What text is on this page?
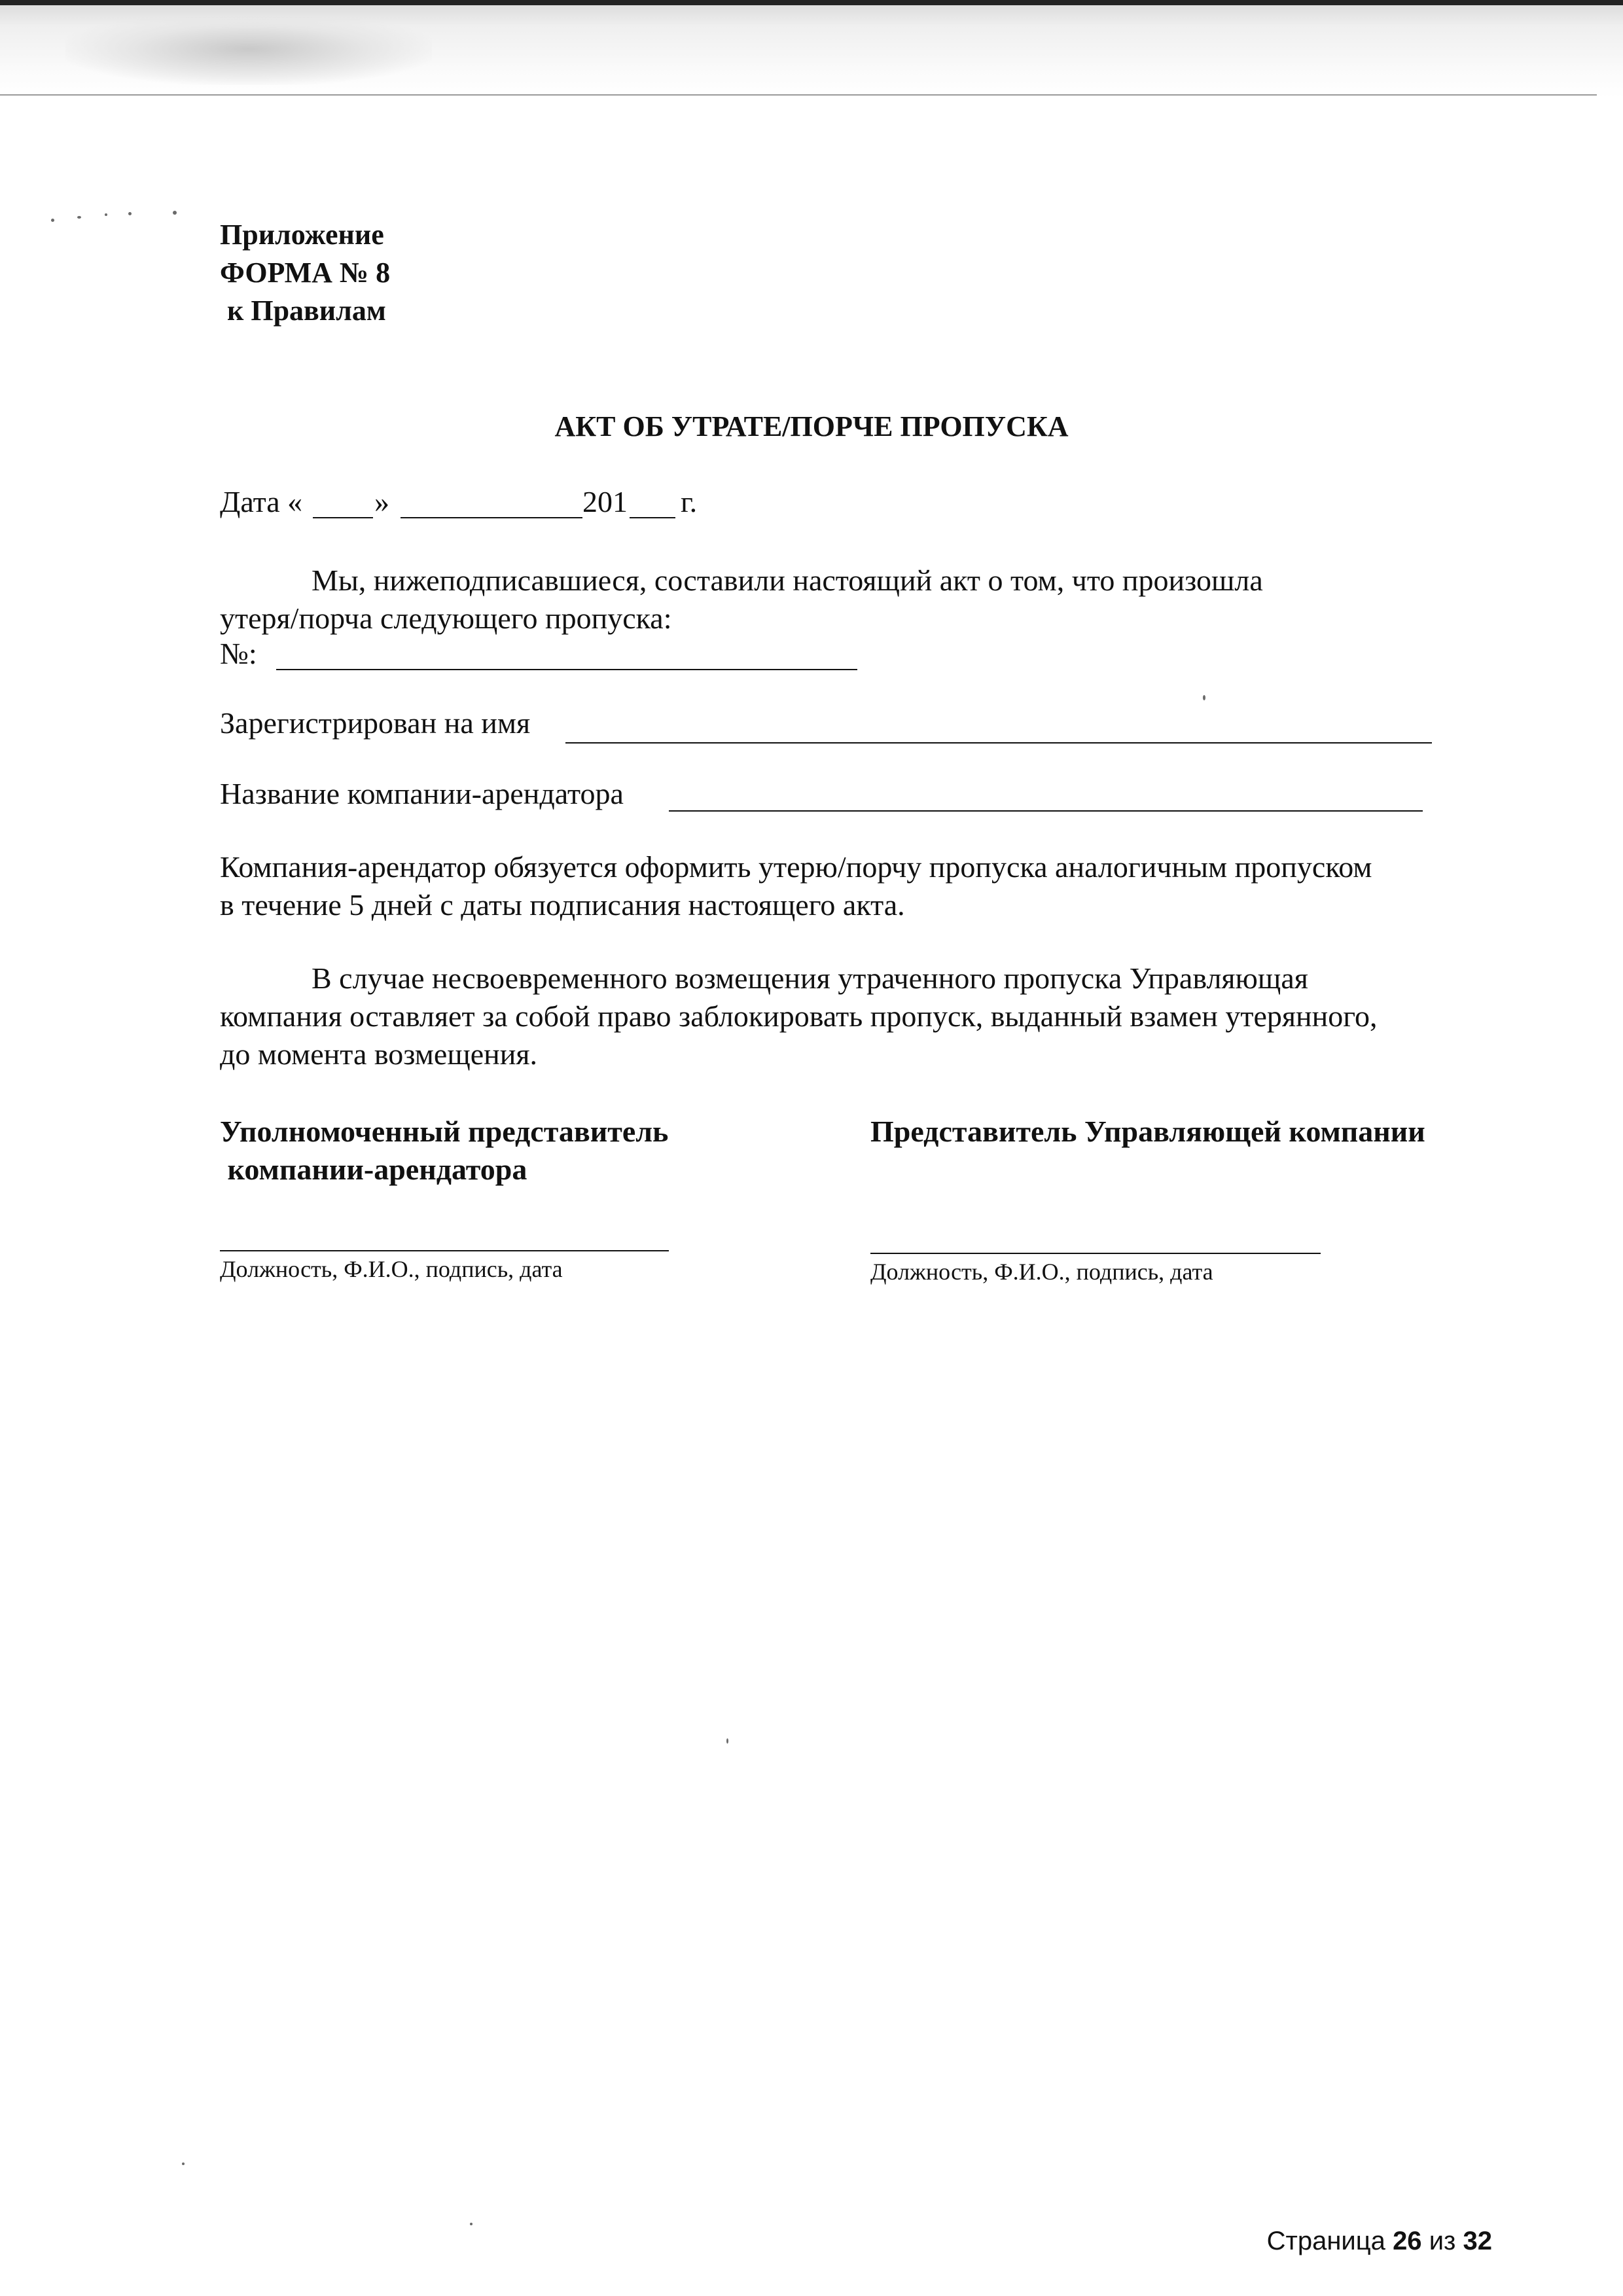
Приложение
ФОРМА № 8
к Правилам
АКТ ОБ УТРАТЕ/ПОРЧЕ ПРОПУСКА
Дата « »	201 г.
Мы, нижеподписавшиеся, составили настоящий акт о том, что произошла
утеря/порча следующего пропуска:
№:
Зарегистрирован на имя
Название компании-арендатора
Компания-арендатор обязуется оформить утерю/порчу пропуска аналогичным пропуском
в течение 5 дней с даты подписания настоящего акта.
В случае несвоевременного возмещения утраченного пропуска Управляющая
компания оставляет за собой право заблокировать пропуск, выданный взамен утерянного,
до момента возмещения.
Уполномоченный представитель
компании-арендатора
Представитель Управляющей компании
Должность, Ф.И.О., подпись, дата	Должность, Ф.И.О., подпись, дата
Страница 26 из 32
